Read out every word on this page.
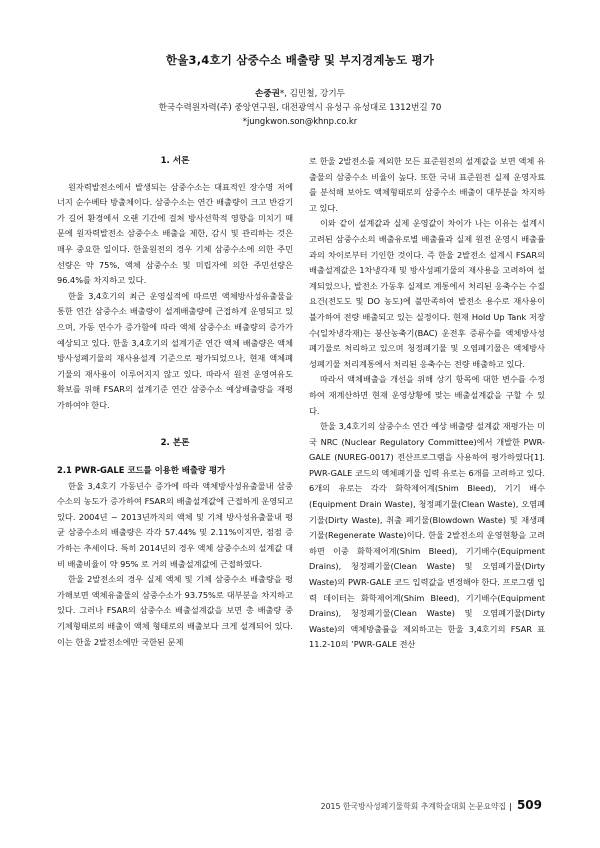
한울3,4호기 삼중수소 배출량 및 부지경계농도 평가
손중권*, 김민철, 강기두
한국수력원자력(주) 중앙연구원, 대전광역시 유성구 유성대로 1312번길 70
*jungkwon.son@khnp.co.kr
1. 서론

원자력발전소에서 발생되는 삼중수소는 대표적인 장수명 저에너지 순수베타 방출체이다. 삼중수소는 연간 배출량이 크고 반감기가 길어 환경에서 오랜 기간에 걸쳐 방사선학적 영향을 미치기 때문에 원자력발전소 삼중수소 배출을 제한, 감시 및 관리하는 것은 매우 중요한 일이다. 한울원전의 경우 기체 삼중수소에 의한 주민선량은 약 75%, 액체 삼중수소 및 미립자에 의한 주민선량은 96.4%를 차지하고 있다.

한울 3,4호기의 최근 운영실적에 따르면 액체방사성유출물을 통한 연간 삼중수소 배출량이 설계배출량에 근접하게 운영되고 있으며, 가동 연수가 증가함에 따라 액체 삼중수소 배출량의 증가가 예상되고 있다. 한울 3,4호기의 설계기준 연간 액체 배출량은 액체 방사성폐기물의 재사용설계 기준으로 평가되었으나, 현재 액체폐기물의 재사용이 이루어지지 않고 있다. 따라서 원전 운영여유도 확보를 위해 FSAR의 설계기준 연간 삼중수소 예상배출량을 재평가하여야 한다.

2. 본론
2.1 PWR-GALE 코드를 이용한 배출량 평가

한울 3,4호기 가동년수 증가에 따라 액체방사성유출물내 삼중수소의 농도가 증가하여 FSAR의 배출설계값에 근접하게 운영되고 있다. 2004년 ~ 2013년까지의 액체 및 기체 방사성유출물내 평균 삼중수소의 배출량은 각각 57.44% 및 2.11%이지만, 점점 증가하는 추세이다. 특히 2014년의 경우 액체 삼중수소의 설계값 대비 배출비율이 약 95% 로 거의 배출설계값에 근접하였다.

한울 2발전소의 경우 실제 액체 및 기체 삼중수소 배출량을 평가해보면 액체유출물의 삼중수소가 93.75%로 대부분을 차지하고 있다. 그러나 FSAR의 삼중수소 배출설계값을 보면 총 배출량 중 기체형태로의 배출이 액체 형태로의 배출보다 크게 설계되어 있다. 이는 한울 2발전소에만 국한된 문제

로 한울 2발전소를 제외한 모든 표준원전의 설계값을 보면 액체 유출물의 삼중수소 비율이 높다. 또한 국내 표준원전 실제 운영자료를 분석해 보아도 액체형태로의 삼중수소 배출이 대부분을 차지하고 있다.

이와 같이 설계값과 실제 운영값이 차이가 나는 이유는 설계시 고려된 삼중수소의 배출유로별 배출률과 실제 원전 운영시 배출률과의 차이로부터 기인한 것이다. 즉 한울 2발전소 설계시 FSAR의 배출설계값은 1차냉각재 및 방사성폐기물의 재사용을 고려하여 설계되었으나, 발전소 가동후 실제로 계통에서 처리된 응축수는 수질요건(전도도 및 DO 농도)에 불만족하여 발전소 용수로 재사용이 불가하여 전량 배출되고 있는 실정이다. 현재 Hold Up Tank 저장수(일차냉각재)는 붕산농축기(BAC) 운전후 증류수를 액체방사성폐기물로 처리하고 있으며 청정폐기물 및 오염폐기물은 액체방사성폐기물 처리계통에서 처리된 응축수는 전량 배출하고 있다.

따라서 액체배출을 개선을 위해 상기 항목에 대한 변수를 수정하여 재계산하면 현재 운영상황에 맞는 배출설계값을 구할 수 있다.

한울 3,4호기의 삼중수소 연간 예상 배출량 설계값 재평가는 미국 NRC (Nuclear Regulatory Committee)에서 개발한 PWR-GALE (NUREG-0017) 전산프로그램을 사용하여 평가하였다[1]. PWR-GALE 코드의 액체폐기물 입력 유로는 6개를 고려하고 있다. 6개의 유로는 각각 화학제어계(Shim Bleed), 기기 배수(Equipment Drain Waste), 청정폐기물(Clean Waste), 오염폐기물(Dirty Waste), 취출 폐기물(Blowdown Waste) 및 재생폐기물(Regenerate Waste)이다. 한울 2발전소의 운영현황을 고려하면 이중 화학제어계(Shim Bleed), 기기배수(Equipment Drains), 청정폐기물(Clean Waste) 및 오염폐기물(Dirty Waste)의 PWR-GALE 코드 입력값을 변경해야 한다. 프로그램 입력 데이터는 화학제어계(Shim Bleed), 기기배수(Equipment Drains), 청정폐기물(Clean Waste) 및 오염폐기물(Dirty Waste)의 액체방출률을 제외하고는 한울 3,4호기의 FSAR 표 11.2-10의 ‘PWR-GALE 전산

2015 한국방사성폐기물학회 추계학술대회 논문요약집 | 509
